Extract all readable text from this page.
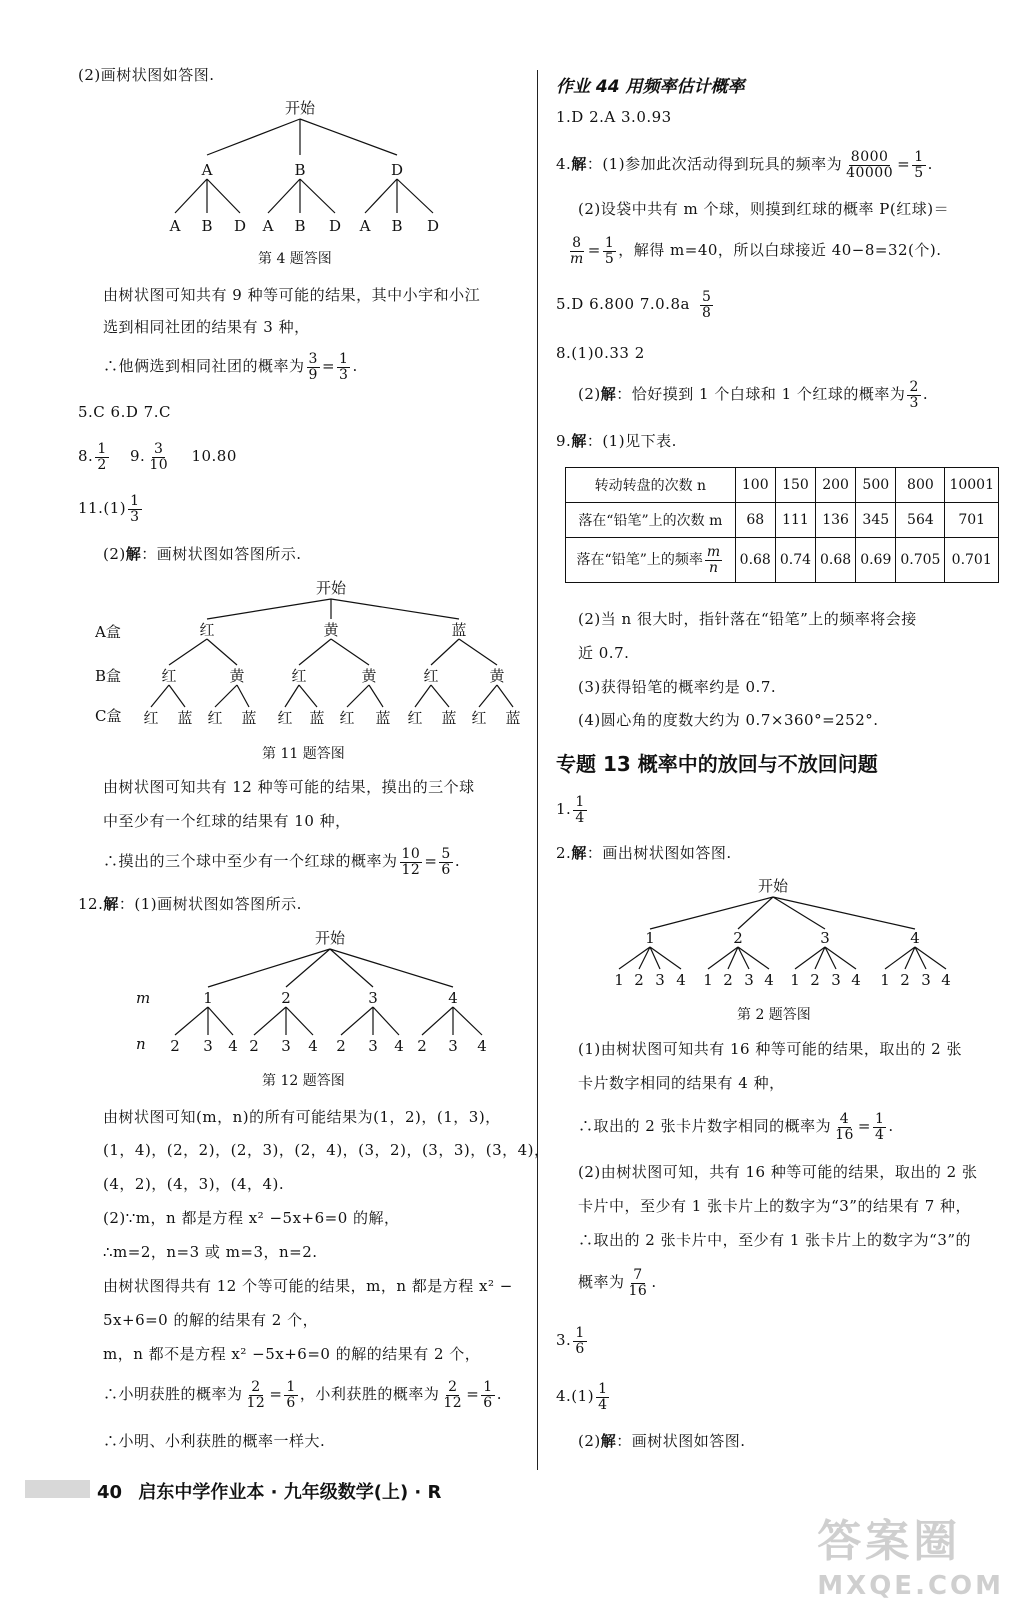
(2)画树状图如答图.
开始
A	B	D
A B D A B D A B D
第 4 题答图
由树状图可知共有 9 种等可能的结果，其中小宇和小江
选到相同社团的结果有 3 种，
∴他俩选到相同社团的概率为 $\frac{3}{9} = \frac{1}{3}$ .
5.C 6.D 7.C
8. $\frac{1}{2} 9$. $\frac{3}{10} 10.80$
$11.(1) \frac{1}{3}$
(2)解：画树状图如答图所示.
A盒
B盒
C盒
开始
红	黄	蓝
红	黄	红	黄	红	黄
红 蓝 红 蓝 红 蓝 红 蓝 红 蓝 红 蓝
第 11 题答图
由树状图可知共有 12 种等可能的结果，摸出的三个球
中至少有一个红球的结果有 10 种，
∴摸出的三个球中至少有一个红球的概率为 $\frac{10}{12} = \frac{5}{6}$ .
12.解：(1)画树状图如答图所示.
m
n
开始
1	2	3	4
2 3 4 2 3 4 2 3 4 2 3 4
第 12 题答图
由树状图可知(m，n)的所有可能结果为(1，2)，(1，3)，
(1，4)，(2，2)，(2，3)，(2，4)，(3，2)，(3，3)，(3，4)，
(4，2)，(4，3)，(4，4).
(2)∵m，n 都是方程 x² −5x+6=0 的解，
∴m=2，n=3 或 m=3，n=2.
由树状图得共有 12 个等可能的结果，m，n 都是方程 x² −
5x+6=0 的解的结果有 2 个，
m，n 都不是方程 x² −5x+6=0 的解的结果有 2 个，
∴小明获胜的概率为 $\frac{2}{12} = \frac{1}{6}$ ，小利获胜的概率为 $\frac{2}{12} = \frac{1}{6}$ .
∴小明、小利获胜的概率一样大.
作业 44 用频率估计概率
1.D 2.A 3.0.93
4.解：(1)参加此次活动得到玩具的频率为 $\frac{8000}{40000} = \frac{1}{5}$ .
(2)设袋中共有 m 个球，则摸到红球的概率 P(红球)＝
$\frac{8}{m} = \frac{1}{5}$ ，解得 m=40，所以白球接近 40−8=32(个).
5.D 6.800 $7.0.8a \frac{5}{8}$
8.(1)0.33 2
(2)解：恰好摸到 1 个白球和 1 个红球的概率为 $\frac{2}{3}$ .
9.解：(1)见下表.
转动转盘的次数 n	100	150	200	500	800	10001
落在“铅笔”上的次数 m	68	111	136	345	564	701
落在“铅笔”上的频率 $\frac{m}{n}$	0.68	0.74	0.68	0.69	0.705	0.701
(2)当 n 很大时，指针落在“铅笔”上的频率将会接
近 0.7.
(3)获得铅笔的概率约是 0.7.
(4)圆心角的度数大约为 0.7×360°=252°.
专题 13 概率中的放回与不放回问题
1. $\frac{1}{4}$
2.解：画出树状图如答图.
开始
1	2	3	4
1 2 3 4 1 2 3 4 1 2 3 4 1 2 3 4
第 2 题答图
(1)由树状图可知共有 16 种等可能的结果，取出的 2 张
卡片数字相同的结果有 4 种，
∴取出的 2 张卡片数字相同的概率为 $\frac{4}{16} = \frac{1}{4}$ .
(2)由树状图可知，共有 16 种等可能的结果，取出的 2 张
卡片中，至少有 1 张卡片上的数字为“3”的结果有 7 种，
∴取出的 2 张卡片中，至少有 1 张卡片上的数字为“3”的
概率为 $\frac{7}{16}$ .
3. $\frac{1}{6}$
$4.(1) \frac{1}{4}$
(2)解：画树状图如答图.
40 启东中学作业本 · 九年级数学(上) · R
答案圈
MXQE.COM
